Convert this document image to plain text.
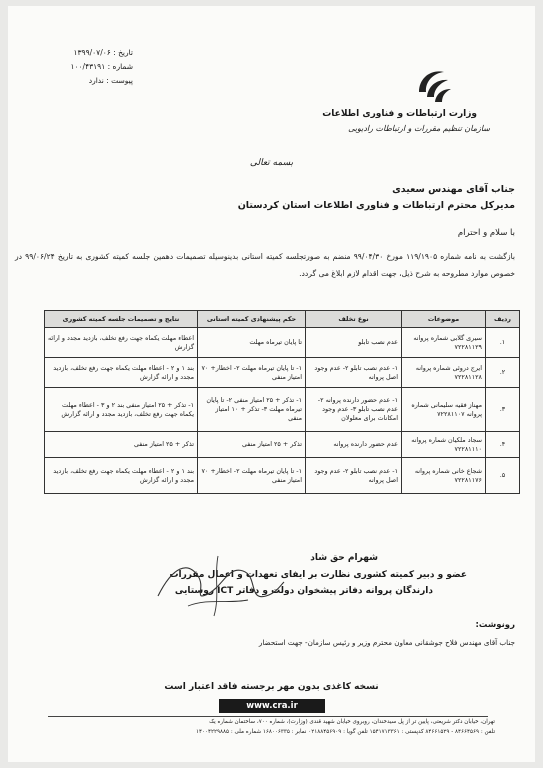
تاریخ : ۱۳۹۹/۰۷/۰۶
شماره : ۱۰۰/۴۳۱۹۱
پیوست : ندارد
وزارت ارتباطات و فناوری اطلاعات
سازمان تنظیم مقررات و ارتباطات رادیویی
بسمه تعالی
جناب آقای مهندس سعیدی
مدیرکل محترم ارتباطات و فناوری اطلاعات استان کردستان
با سلام و احترام
بازگشت به نامه شماره ۱۱۹/۱۹۰۵ مورخ ۹۹/۰۴/۳۰ منضم به صورتجلسه کمیته استانی بدینوسیله تصمیمات دهمین جلسه کمیته کشوری به تاریخ ۹۹/۰۶/۲۴ در خصوص موارد مطروحه به شرح ذیل، جهت اقدام لازم ابلاغ می گردد.
ردیف	موضوعات	نوع تخلف	حکم پیشنهادی کمیته استانی	نتایج و تصمیمات جلسه کمیته کشوری
۱.	سیری گلابی شماره پروانه ۷۲۲۸۱۱۲۹	عدم نصب تابلو	تا پایان تیرماه مهلت	اعطاء مهلت یکماه جهت رفع تخلف، بازدید مجدد و ارائه گزارش
۲.	ایرج دروئی شماره پروانه ۷۲۲۸۱۱۲۸	۱- عدم نصب تابلو ۲- عدم وجود اصل پروانه	۱- تا پایان تیرماه مهلت ۲- اخطار+ ۷۰ امتیاز منفی	بند ۱ و ۲ - اعطاء مهلت یکماه جهت رفع تخلف، بازدید مجدد و ارائه گزارش
۳.	مهناز فقیه سلیمانی شماره پروانه ۷۲۲۸۱۱۰۷	۱- عدم حضور دارنده پروانه ۲- عدم نصب تابلو ۳- عدم وجود امکانات برای معلولان	۱- تذکر + ۲۵ امتیاز منفی ۲- تا پایان تیرماه مهلت ۳- تذکر + ۱۰ امتیاز منفی	۱- تذکر + ۲۵ امتیاز منفی بند ۲ و ۳ - اعطاء مهلت یکماه جهت رفع تخلف، بازدید مجدد و ارائه گزارش
۴.	سجاد ملکیان شماره پروانه ۷۲۲۸۱۱۱۰	عدم حضور دارنده پروانه	تذکر + ۲۵ امتیاز منفی	تذکر + ۲۵ امتیاز منفی
۵.	شجاع خانی شماره پروانه ۷۲۲۸۱۱۷۶	۱- عدم نصب تابلو ۲- عدم وجود اصل پروانه	۱- تا پایان تیرماه مهلت ۲- اخطار+ ۷۰ امتیاز منفی	بند ۱ و ۲ - اعطاء مهلت یکماه جهت رفع تخلف، بازدید مجدد و ارائه گزارش
شهرام حق شاد
عضو و دبیر کمیته کشوری نظارت بر ایفای تعهدات و اعمال مقررات
دارندگان پروانه دفاتر پیشخوان دولت و دفاتر ICT روستایی
رونوشت:
جناب آقای مهندس فلاح جوشقانی معاون محترم وزیر و رئیس سازمان- جهت استحضار
نسخه کاغذی بدون مهر برجسته فاقد اعتبار است
www.cra.ir
تهران، خیابان دکتر شریعتی، پایین تر از پل سیدخندان، روبروی خیابان شهید قندی (وزارت)، شماره ۷۰۰، ساختمان شماره یک
تلفن : ۸۴۶۶۴۵۶۹ - ۸۴۶۶۱۵۲۹ کدپستی : ۱۵۴۱۷۱۳۳۶۱ تلفن گویا : ۰۲۱۸۸۴۵۶۹۰۹ نمابر : ۱۶۸۰۰۶۳۳۵ شماره ملی : ۱۴۰۰۴۲۲۹۸۸۵
